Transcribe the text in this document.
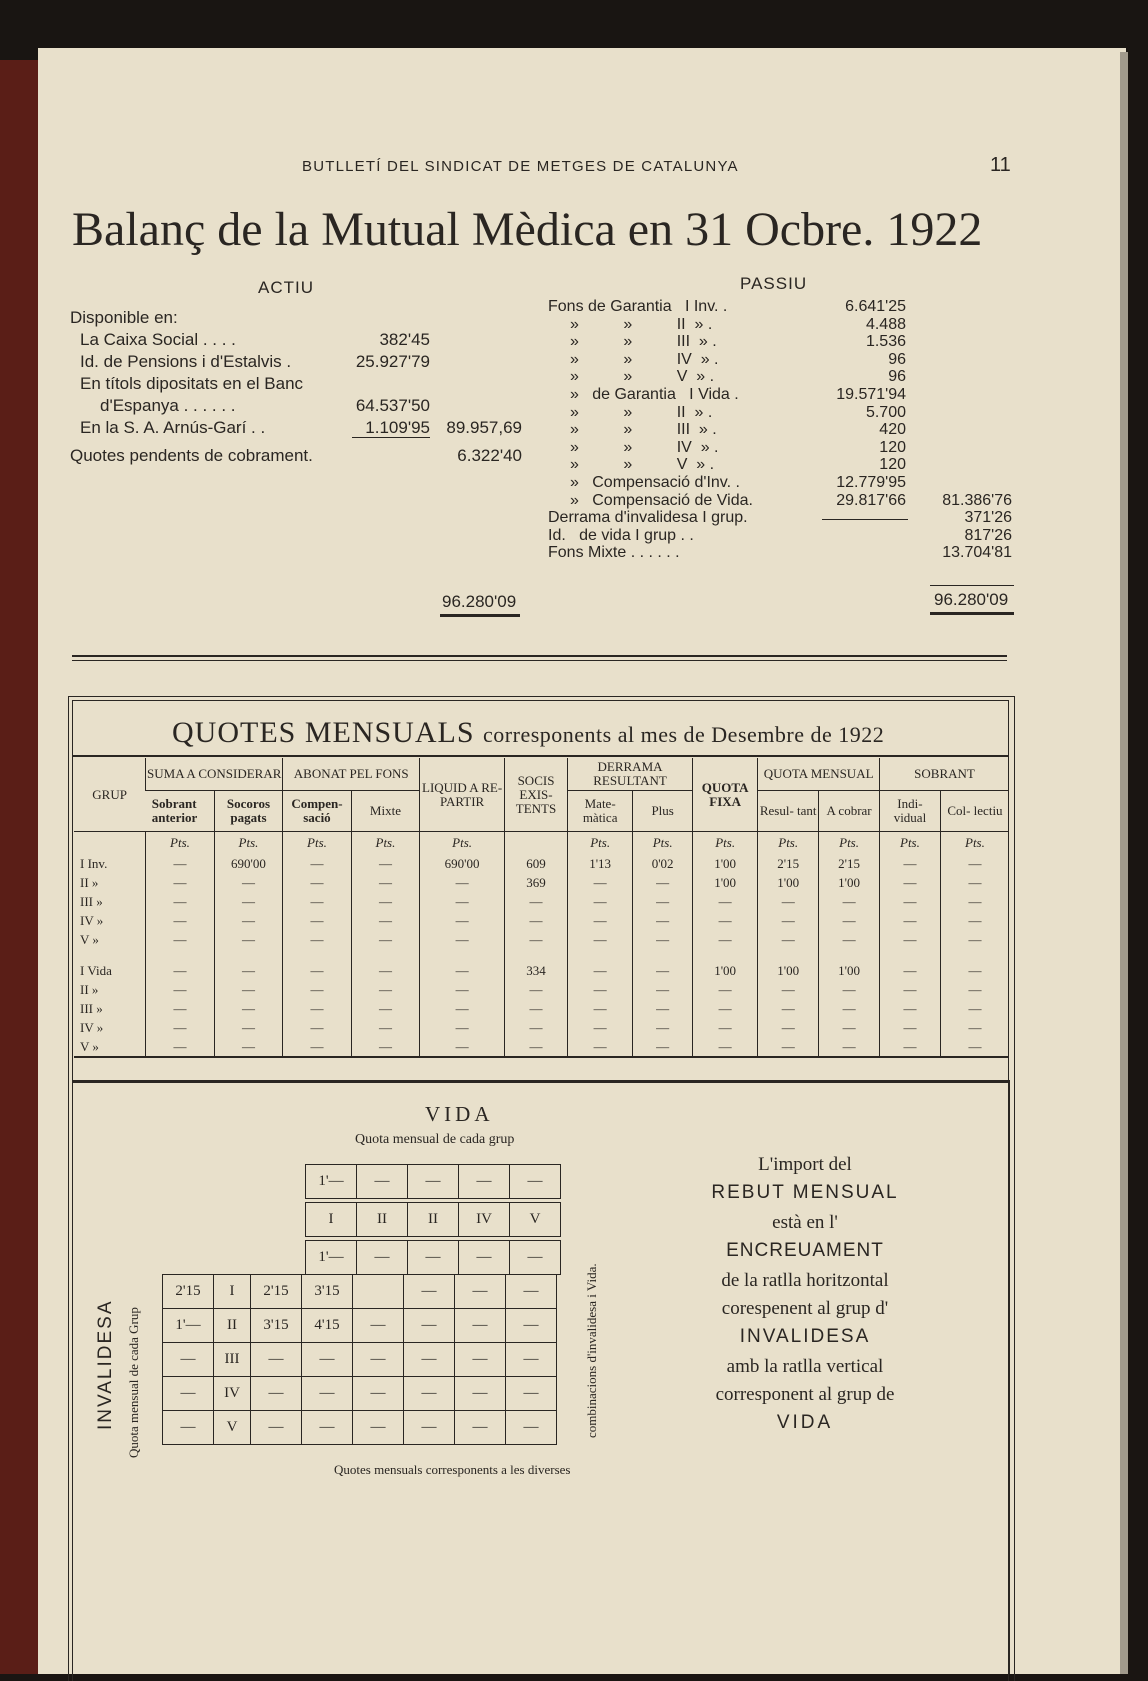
BUTLLETÍ DEL SINDICAT DE METGES DE CATALUNYA	11
Balanç de la Mutual Mèdica en 31 Ocbre. 1922
ACTIU
Disponible en:
La Caixa Social . . . .	382'45
Id. de Pensions i d'Estalvis .	25.927'79
En títols dipositats en el Banc
d'Espanya . . . . . .	64.537'50
En la S. A. Arnús-Garí . .	1.109'95 89.957,69
Quotes pendents de cobrament.	6.322'40
96.280'09
PASSIU
Fons de Garantia   I Inv. .	6.641'25
»          »          II  » .	4.488
»          »          III  » .	1.536
»          »          IV  » .	96
»          »          V  » .	96
»   de Garantia   I Vida .	19.571'94
»          »          II  » .	5.700
»          »          III  » .	420
»          »          IV  » .	120
»          »          V  » .	120
»   Compensació d'Inv. .	12.779'95
»   Compensació de Vida.	29.817'66 81.386'76
Derrama d'invalidesa I grup.	371'26
Id.   de vida I grup . .	817'26
Fons Mixte . . . . . .	13.704'81
96.280'09
QUOTES MENSUALS corresponents al mes de Desembre de 1922
GRUP	SUMA A CONSIDERAR		ABONAT PEL FONS		LIQUID A RE- PARTIR	SOCIS EXIS- TENTS	DERRAMA RESULTANT		QUOTA FIXA	QUOTA MENSUAL		SOBRANT	
	Sobrant anterior	Socoros pagats	Compen- sació	Mixte			Mate- màtica	Plus		Resul- tant	A cobrar	Indi- vidual	Col- lectiu
	Pts.	Pts.	Pts.	Pts.	Pts.		Pts.	Pts.	Pts.	Pts.	Pts.	Pts.	Pts.
I Inv.	—	690'00	—	—	690'00	609	1'13	0'02	1'00	2'15	2'15	—	—
II »	—	—	—	—	—	369	—	—	1'00	1'00	1'00	—	—
III »	—	—	—	—	—	—	—	—	—	—	—	—	—
IV »	—	—	—	—	—	—	—	—	—	—	—	—	—
V »	—	—	—	—	—	—	—	—	—	—	—	—	—

I Vida	—	—	—	—	—	334	—	—	1'00	1'00	1'00	—	—
II »	—	—	—	—	—	—	—	—	—	—	—	—	—
III »	—	—	—	—	—	—	—	—	—	—	—	—	—
IV »	—	—	—	—	—	—	—	—	—	—	—	—	—
V »	—	—	—	—	—	—	—	—	—	—	—	—	—
VIDA
Quota mensual de cada grup
1'—	—	—	—	—
I	II	II	IV	V
1'—	—	—	—	—
2'15	I	2'15	3'15		—	—	—
1'—	II	3'15	4'15	—	—	—	—
—	III	—	—	—	—	—	—
—	IV	—	—	—	—	—	—
—	V	—	—	—	—	—	—
INVALIDESA Quota mensual de cada Grup	combinacions d'invalidesa i Vida.
Quotes mensuals corresponents a les diverses
L'import del
REBUT MENSUAL
està en l'
ENCREUAMENT
de la ratlla horitzontal
corespenent al grup d'
INVALIDESA
amb la ratlla vertical
corresponent al grup de
VIDA
